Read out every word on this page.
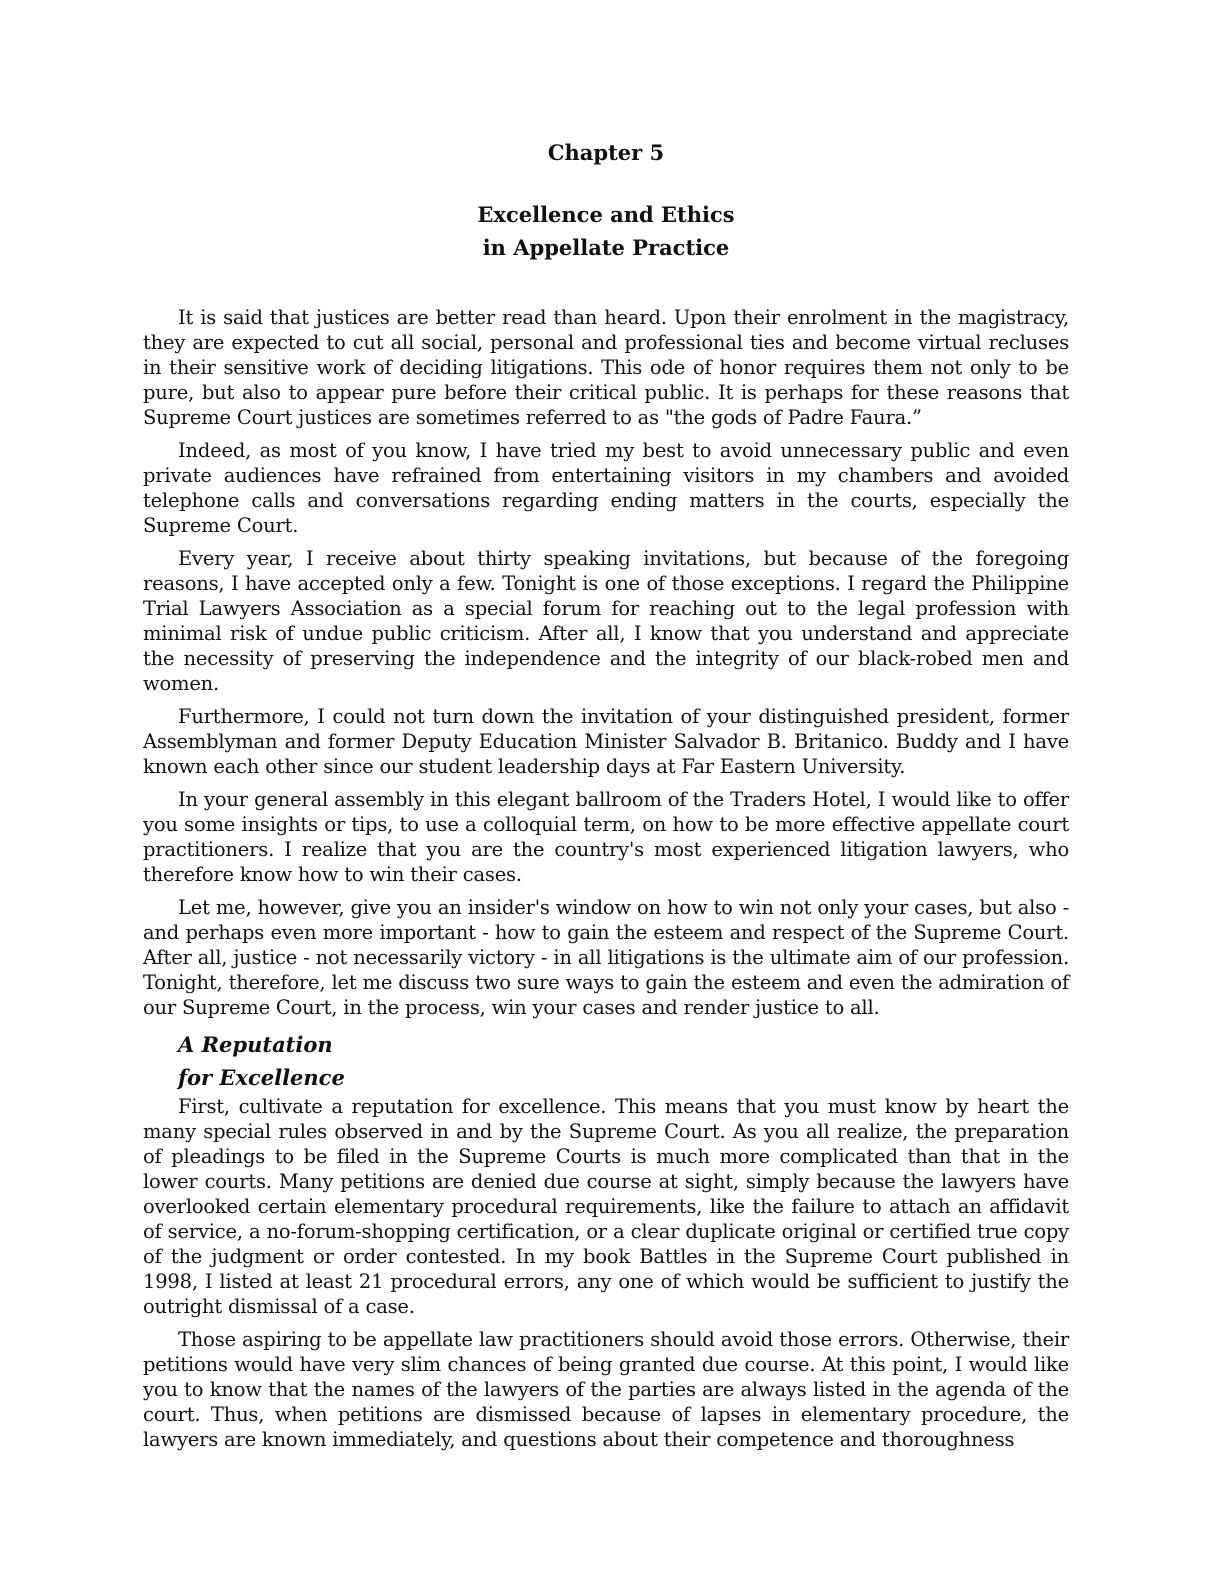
Chapter 5
Excellence and Ethics
in Appellate Practice

It is said that justices are better read than heard. Upon their enrolment in the magistracy, they are expected to cut all social, personal and professional ties and become virtual recluses in their sensitive work of deciding litigations. This ode of honor requires them not only to be pure, but also to appear pure before their critical public. It is perhaps for these reasons that Supreme Court justices are sometimes referred to as "the gods of Padre Faura.”

Indeed, as most of you know, I have tried my best to avoid unnecessary public and even private audiences have refrained from entertaining visitors in my chambers and avoided telephone calls and conversations regarding ending matters in the courts, especially the Supreme Court.

Every year, I receive about thirty speaking invitations, but because of the foregoing reasons, I have accepted only a few. Tonight is one of those exceptions. I regard the Philippine Trial Lawyers Association as a special forum for reaching out to the legal profession with minimal risk of undue public criticism. After all, I know that you understand and appreciate the necessity of preserving the independence and the integrity of our black-robed men and women.

Furthermore, I could not turn down the invitation of your distinguished president, former Assemblyman and former Deputy Education Minister Salvador B. Britanico. Buddy and I have known each other since our student leadership days at Far Eastern University.

In your general assembly in this elegant ballroom of the Traders Hotel, I would like to offer you some insights or tips, to use a colloquial term, on how to be more effective appellate court practitioners. I realize that you are the country's most experienced litigation lawyers, who therefore know how to win their cases.

Let me, however, give you an insider's window on how to win not only your cases, but also - and perhaps even more important - how to gain the esteem and respect of the Supreme Court. After all, justice - not necessarily victory - in all litigations is the ultimate aim of our profession. Tonight, therefore, let me discuss two sure ways to gain the esteem and even the admiration of our Supreme Court, in the process, win your cases and render justice to all.

A Reputation
for Excellence

First, cultivate a reputation for excellence. This means that you must know by heart the many special rules observed in and by the Supreme Court. As you all realize, the preparation of pleadings to be filed in the Supreme Courts is much more complicated than that in the lower courts. Many petitions are denied due course at sight, simply because the lawyers have overlooked certain elementary procedural requirements, like the failure to attach an affidavit of service, a no-forum-shopping certification, or a clear duplicate original or certified true copy of the judgment or order contested. In my book Battles in the Supreme Court published in 1998, I listed at least 21 procedural errors, any one of which would be sufficient to justify the outright dismissal of a case.

Those aspiring to be appellate law practitioners should avoid those errors. Otherwise, their petitions would have very slim chances of being granted due course. At this point, I would like you to know that the names of the lawyers of the parties are always listed in the agenda of the court. Thus, when petitions are dismissed because of lapses in elementary procedure, the lawyers are known immediately, and questions about their competence and thoroughness
